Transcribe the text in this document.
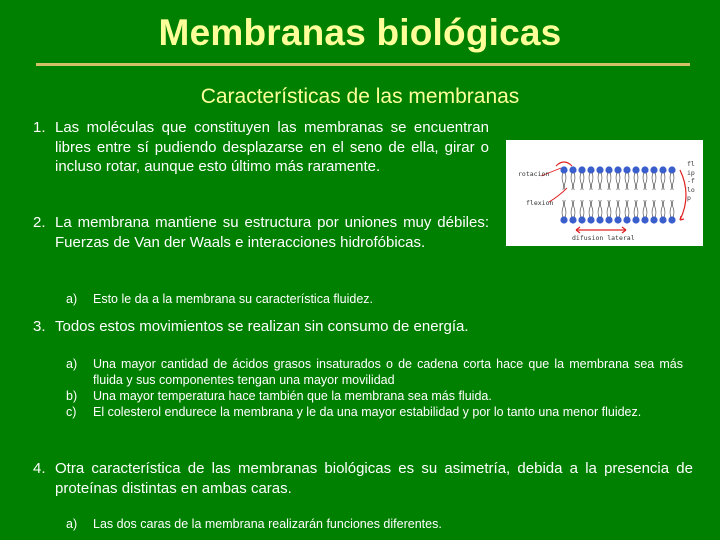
Membranas biológicas
Características de las membranas
1. Las moléculas que constituyen las membranas se encuentran libres entre sí pudiendo desplazarse en el seno de ella, girar o incluso rotar, aunque esto último más raramente.
2. La membrana mantiene su estructura por uniones muy débiles: Fuerzas de Van der Waals e interacciones hidrofóbicas.
a) Esto le da a la membrana su característica fluidez.
3. Todos estos movimientos se realizan sin consumo de energía.
a) Una mayor cantidad de ácidos grasos insaturados o de cadena corta hace que la membrana sea más fluida y sus componentes tengan una mayor movilidad
b) Una mayor temperatura hace también que la membrana sea más fluida.
c) El colesterol endurece la membrana y le da una mayor estabilidad y por lo tanto una menor fluidez.
4. Otra característica de las membranas biológicas es su asimetría, debida a la presencia de proteínas distintas en ambas caras.
a) Las dos caras de la membrana realizarán funciones diferentes.
rotacion
flexion
difusion lateral
flip-flop
